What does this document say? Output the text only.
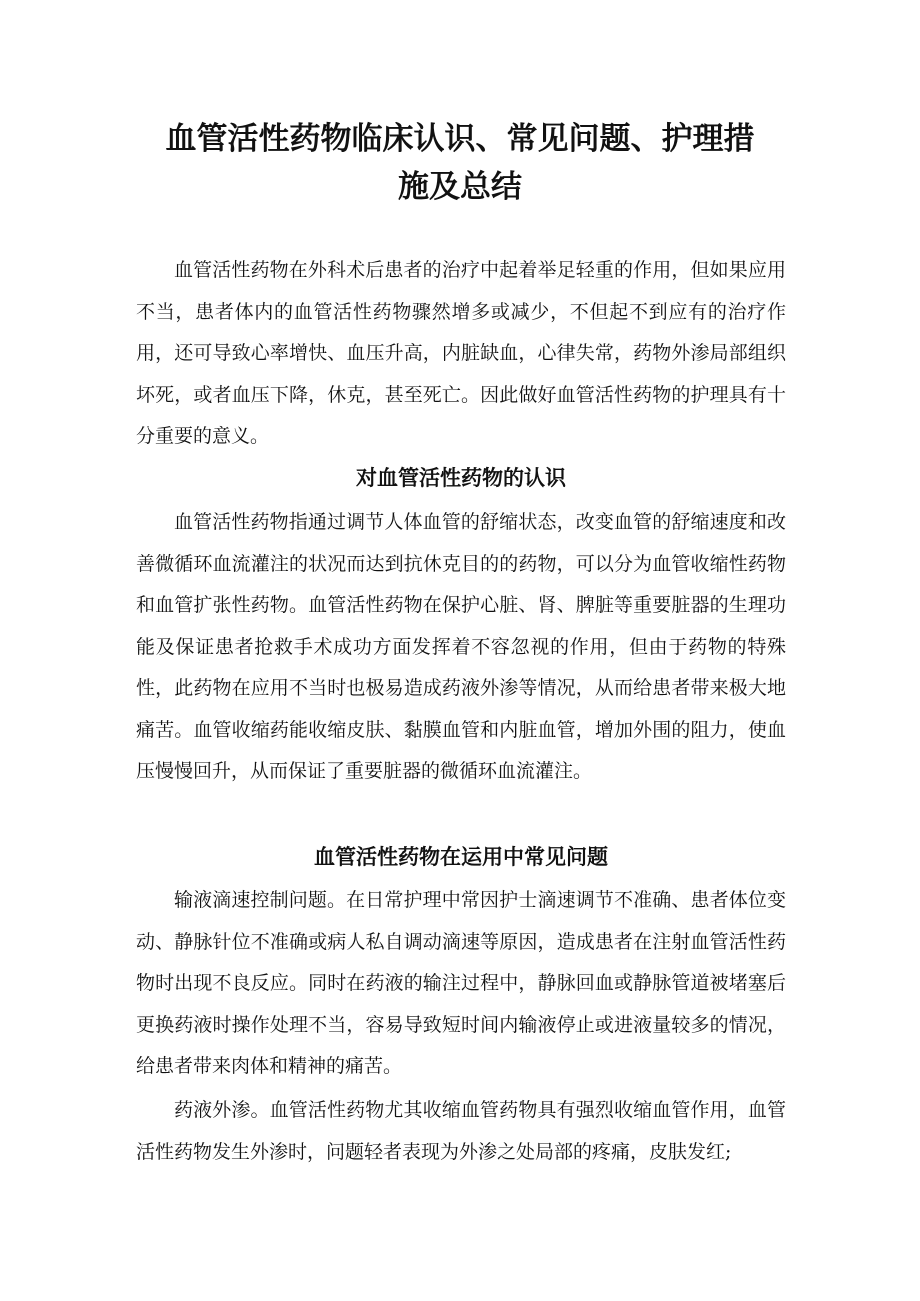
血管活性药物临床认识、常见问题、护理措
施及总结

血管活性药物在外科术后患者的治疗中起着举足轻重的作用，但如果应用不当，患者体内的血管活性药物骤然增多或减少，不但起不到应有的治疗作用，还可导致心率增快、血压升高，内脏缺血，心律失常，药物外渗局部组织坏死，或者血压下降，休克，甚至死亡。因此做好血管活性药物的护理具有十分重要的意义。

对血管活性药物的认识

血管活性药物指通过调节人体血管的舒缩状态，改变血管的舒缩速度和改善微循环血流灌注的状况而达到抗休克目的的药物，可以分为血管收缩性药物和血管扩张性药物。血管活性药物在保护心脏、肾、脾脏等重要脏器的生理功能及保证患者抢救手术成功方面发挥着不容忽视的作用，但由于药物的特殊性，此药物在应用不当时也极易造成药液外渗等情况，从而给患者带来极大地痛苦。血管收缩药能收缩皮肤、黏膜血管和内脏血管，增加外围的阻力，使血压慢慢回升，从而保证了重要脏器的微循环血流灌注。

血管活性药物在运用中常见问题

输液滴速控制问题。在日常护理中常因护士滴速调节不准确、患者体位变动、静脉针位不准确或病人私自调动滴速等原因，造成患者在注射血管活性药物时出现不良反应。同时在药液的输注过程中，静脉回血或静脉管道被堵塞后更换药液时操作处理不当，容易导致短时间内输液停止或进液量较多的情况，给患者带来肉体和精神的痛苦。

药液外渗。血管活性药物尤其收缩血管药物具有强烈收缩血管作用，血管活性药物发生外渗时，问题轻者表现为外渗之处局部的疼痛，皮肤发红;
